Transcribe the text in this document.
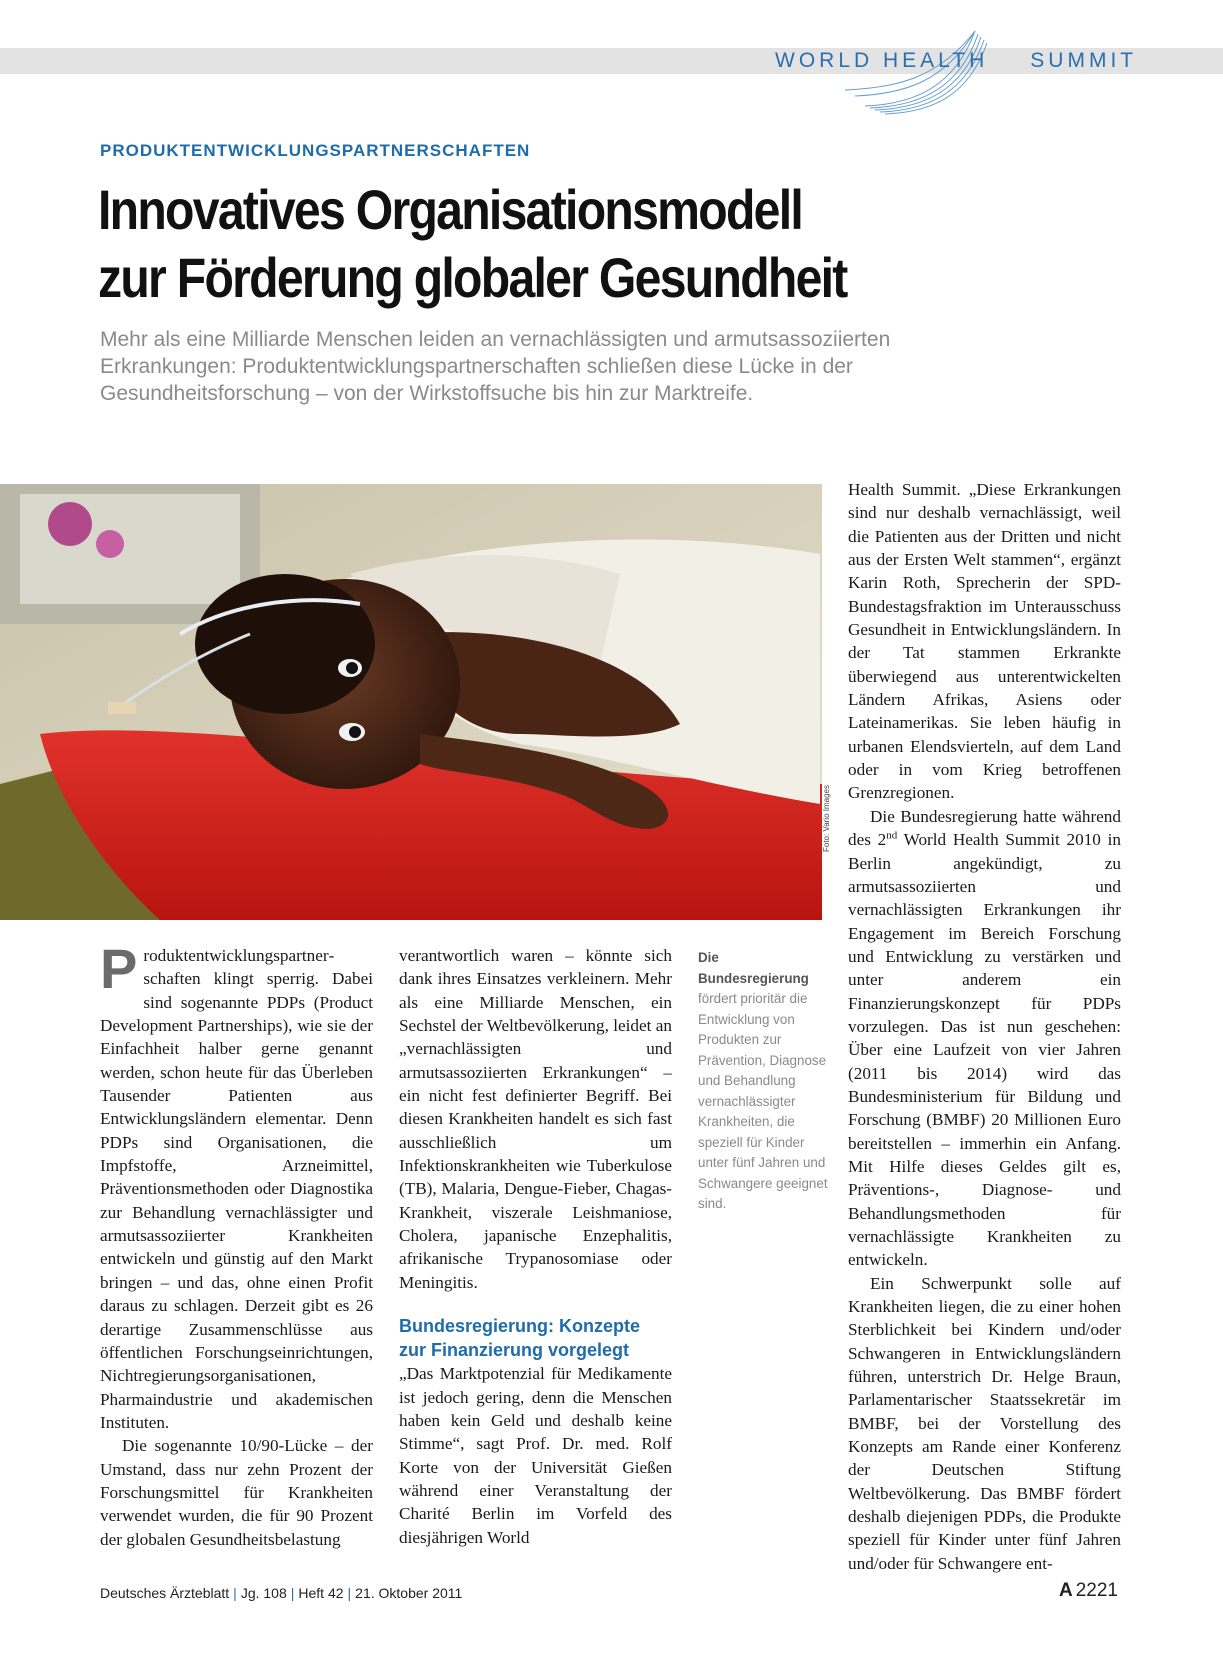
WORLD HEALTH SUMMIT
PRODUKTENTWICKLUNGSPARTNERSCHAFTEN
Innovatives Organisationsmodell
zur Förderung globaler Gesundheit

Mehr als eine Milliarde Menschen leiden an vernachlässigten und armutsassoziierten
Erkrankungen: Produktentwicklungspartnerschaften schließen diese Lücke in der
Gesundheitsforschung – von der Wirkstoffsuche bis hin zur Marktreife.

Foto: Vario Images

Produktentwicklungspartnerschaften klingt sperrig. Dabei sind sogenannte PDPs (Product Development Partnerships), wie sie der Einfachheit halber gerne genannt werden, schon heute für das Überleben Tausender Patienten aus Entwicklungsländern elementar. Denn PDPs sind Organisationen, die Impfstoffe, Arzneimittel, Präventionsmethoden oder Diagnostika zur Behandlung vernachlässigter und armutsassoziierter Krankheiten entwickeln und günstig auf den Markt bringen – und das, ohne einen Profit daraus zu schlagen. Derzeit gibt es 26 derartige Zusammenschlüsse aus öffentlichen Forschungseinrichtungen, Nichtregierungsorganisationen, Pharmaindustrie und akademischen Instituten.

Die sogenannte 10/90-Lücke – der Umstand, dass nur zehn Prozent der Forschungsmittel für Krankheiten verwendet wurden, die für 90 Prozent der globalen Gesundheitsbelastung

verantwortlich waren – könnte sich dank ihres Einsatzes verkleinern. Mehr als eine Milliarde Menschen, ein Sechstel der Weltbevölkerung, leidet an „vernachlässigten und armutsassoziierten Erkrankungen“ – ein nicht fest definierter Begriff. Bei diesen Krankheiten handelt es sich fast ausschließlich um Infektionskrankheiten wie Tuberkulose (TB), Malaria, Dengue-Fieber, Chagas-Krankheit, viszerale Leishmaniose, Cholera, japanische Enzephalitis, afrikanische Trypanosomiase oder Meningitis.

Bundesregierung: Konzepte
zur Finanzierung vorgelegt

„Das Marktpotenzial für Medikamente ist jedoch gering, denn die Menschen haben kein Geld und deshalb keine Stimme“, sagt Prof. Dr. med. Rolf Korte von der Universität Gießen während einer Veranstaltung der Charité Berlin im Vorfeld des diesjährigen World

Die Bundesregierung fördert prioritär die Entwicklung von Produkten zur Prävention, Diagnose und Behandlung vernachlässigter Krankheiten, die speziell für Kinder unter fünf Jahren und Schwangere geeignet sind.

Health Summit. „Diese Erkrankungen sind nur deshalb vernachlässigt, weil die Patienten aus der Dritten und nicht aus der Ersten Welt stammen“, ergänzt Karin Roth, Sprecherin der SPD-Bundestagsfraktion im Unterausschuss Gesundheit in Entwicklungsländern. In der Tat stammen Erkrankte überwiegend aus unterentwickelten Ländern Afrikas, Asiens oder Lateinamerikas. Sie leben häufig in urbanen Elendsvierteln, auf dem Land oder in vom Krieg betroffenen Grenzregionen.

Die Bundesregierung hatte während des 2nd World Health Summit 2010 in Berlin angekündigt, zu armutsassoziierten und vernachlässigten Erkrankungen ihr Engagement im Bereich Forschung und Entwicklung zu verstärken und unter anderem ein Finanzierungskonzept für PDPs vorzulegen. Das ist nun geschehen: Über eine Laufzeit von vier Jahren (2011 bis 2014) wird das Bundesministerium für Bildung und Forschung (BMBF) 20 Millionen Euro bereitstellen – immerhin ein Anfang. Mit Hilfe dieses Geldes gilt es, Präventions-, Diagnose- und Behandlungsmethoden für vernachlässigte Krankheiten zu entwickeln.

Ein Schwerpunkt solle auf Krankheiten liegen, die zu einer hohen Sterblichkeit bei Kindern und/oder Schwangeren in Entwicklungsländern führen, unterstrich Dr. Helge Braun, Parlamentarischer Staatssekretär im BMBF, bei der Vorstellung des Konzepts am Rande einer Konferenz der Deutschen Stiftung Weltbevölkerung. Das BMBF fördert deshalb diejenigen PDPs, die Produkte speziell für Kinder unter fünf Jahren und/oder für Schwangere ent-

Deutsches Ärzteblatt | Jg. 108 | Heft 42 | 21. Oktober 2011	A 2221
